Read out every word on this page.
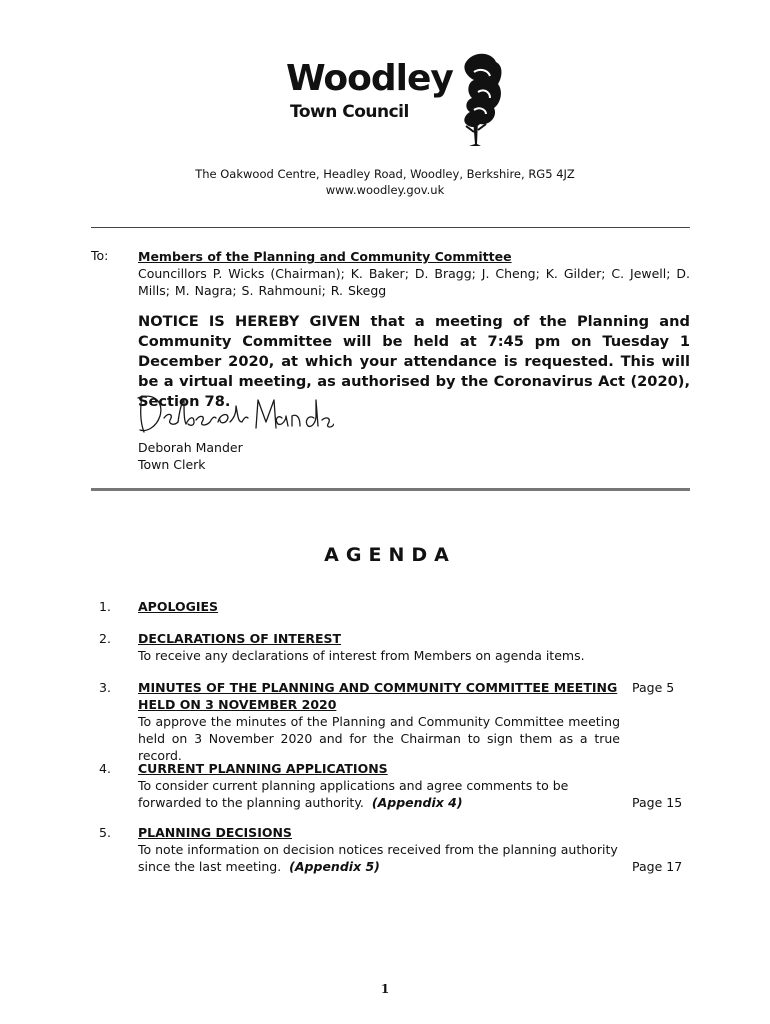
Woodley
Town Council
The Oakwood Centre, Headley Road, Woodley, Berkshire, RG5 4JZ
www.woodley.gov.uk
To: Members of the Planning and Community Committee
Councillors P. Wicks (Chairman); K. Baker; D. Bragg; J. Cheng; K. Gilder; C. Jewell; D. Mills; M. Nagra; S. Rahmouni; R. Skegg
NOTICE IS HEREBY GIVEN that a meeting of the Planning and Community Committee will be held at 7:45 pm on Tuesday 1 December 2020, at which your attendance is requested. This will be a virtual meeting, as authorised by the Coronavirus Act (2020), Section 78.
Deborah Mander
Town Clerk
AGENDA
1. APOLOGIES
2. DECLARATIONS OF INTEREST
To receive any declarations of interest from Members on agenda items.
3. MINUTES OF THE PLANNING AND COMMUNITY COMMITTEE MEETING HELD ON 3 NOVEMBER 2020
To approve the minutes of the Planning and Community Committee meeting held on 3 November 2020 and for the Chairman to sign them as a true record.
Page 5
4. CURRENT PLANNING APPLICATIONS
To consider current planning applications and agree comments to be forwarded to the planning authority. (Appendix 4)	Page 15
5. PLANNING DECISIONS
To note information on decision notices received from the planning authority since the last meeting. (Appendix 5)	Page 17
1
